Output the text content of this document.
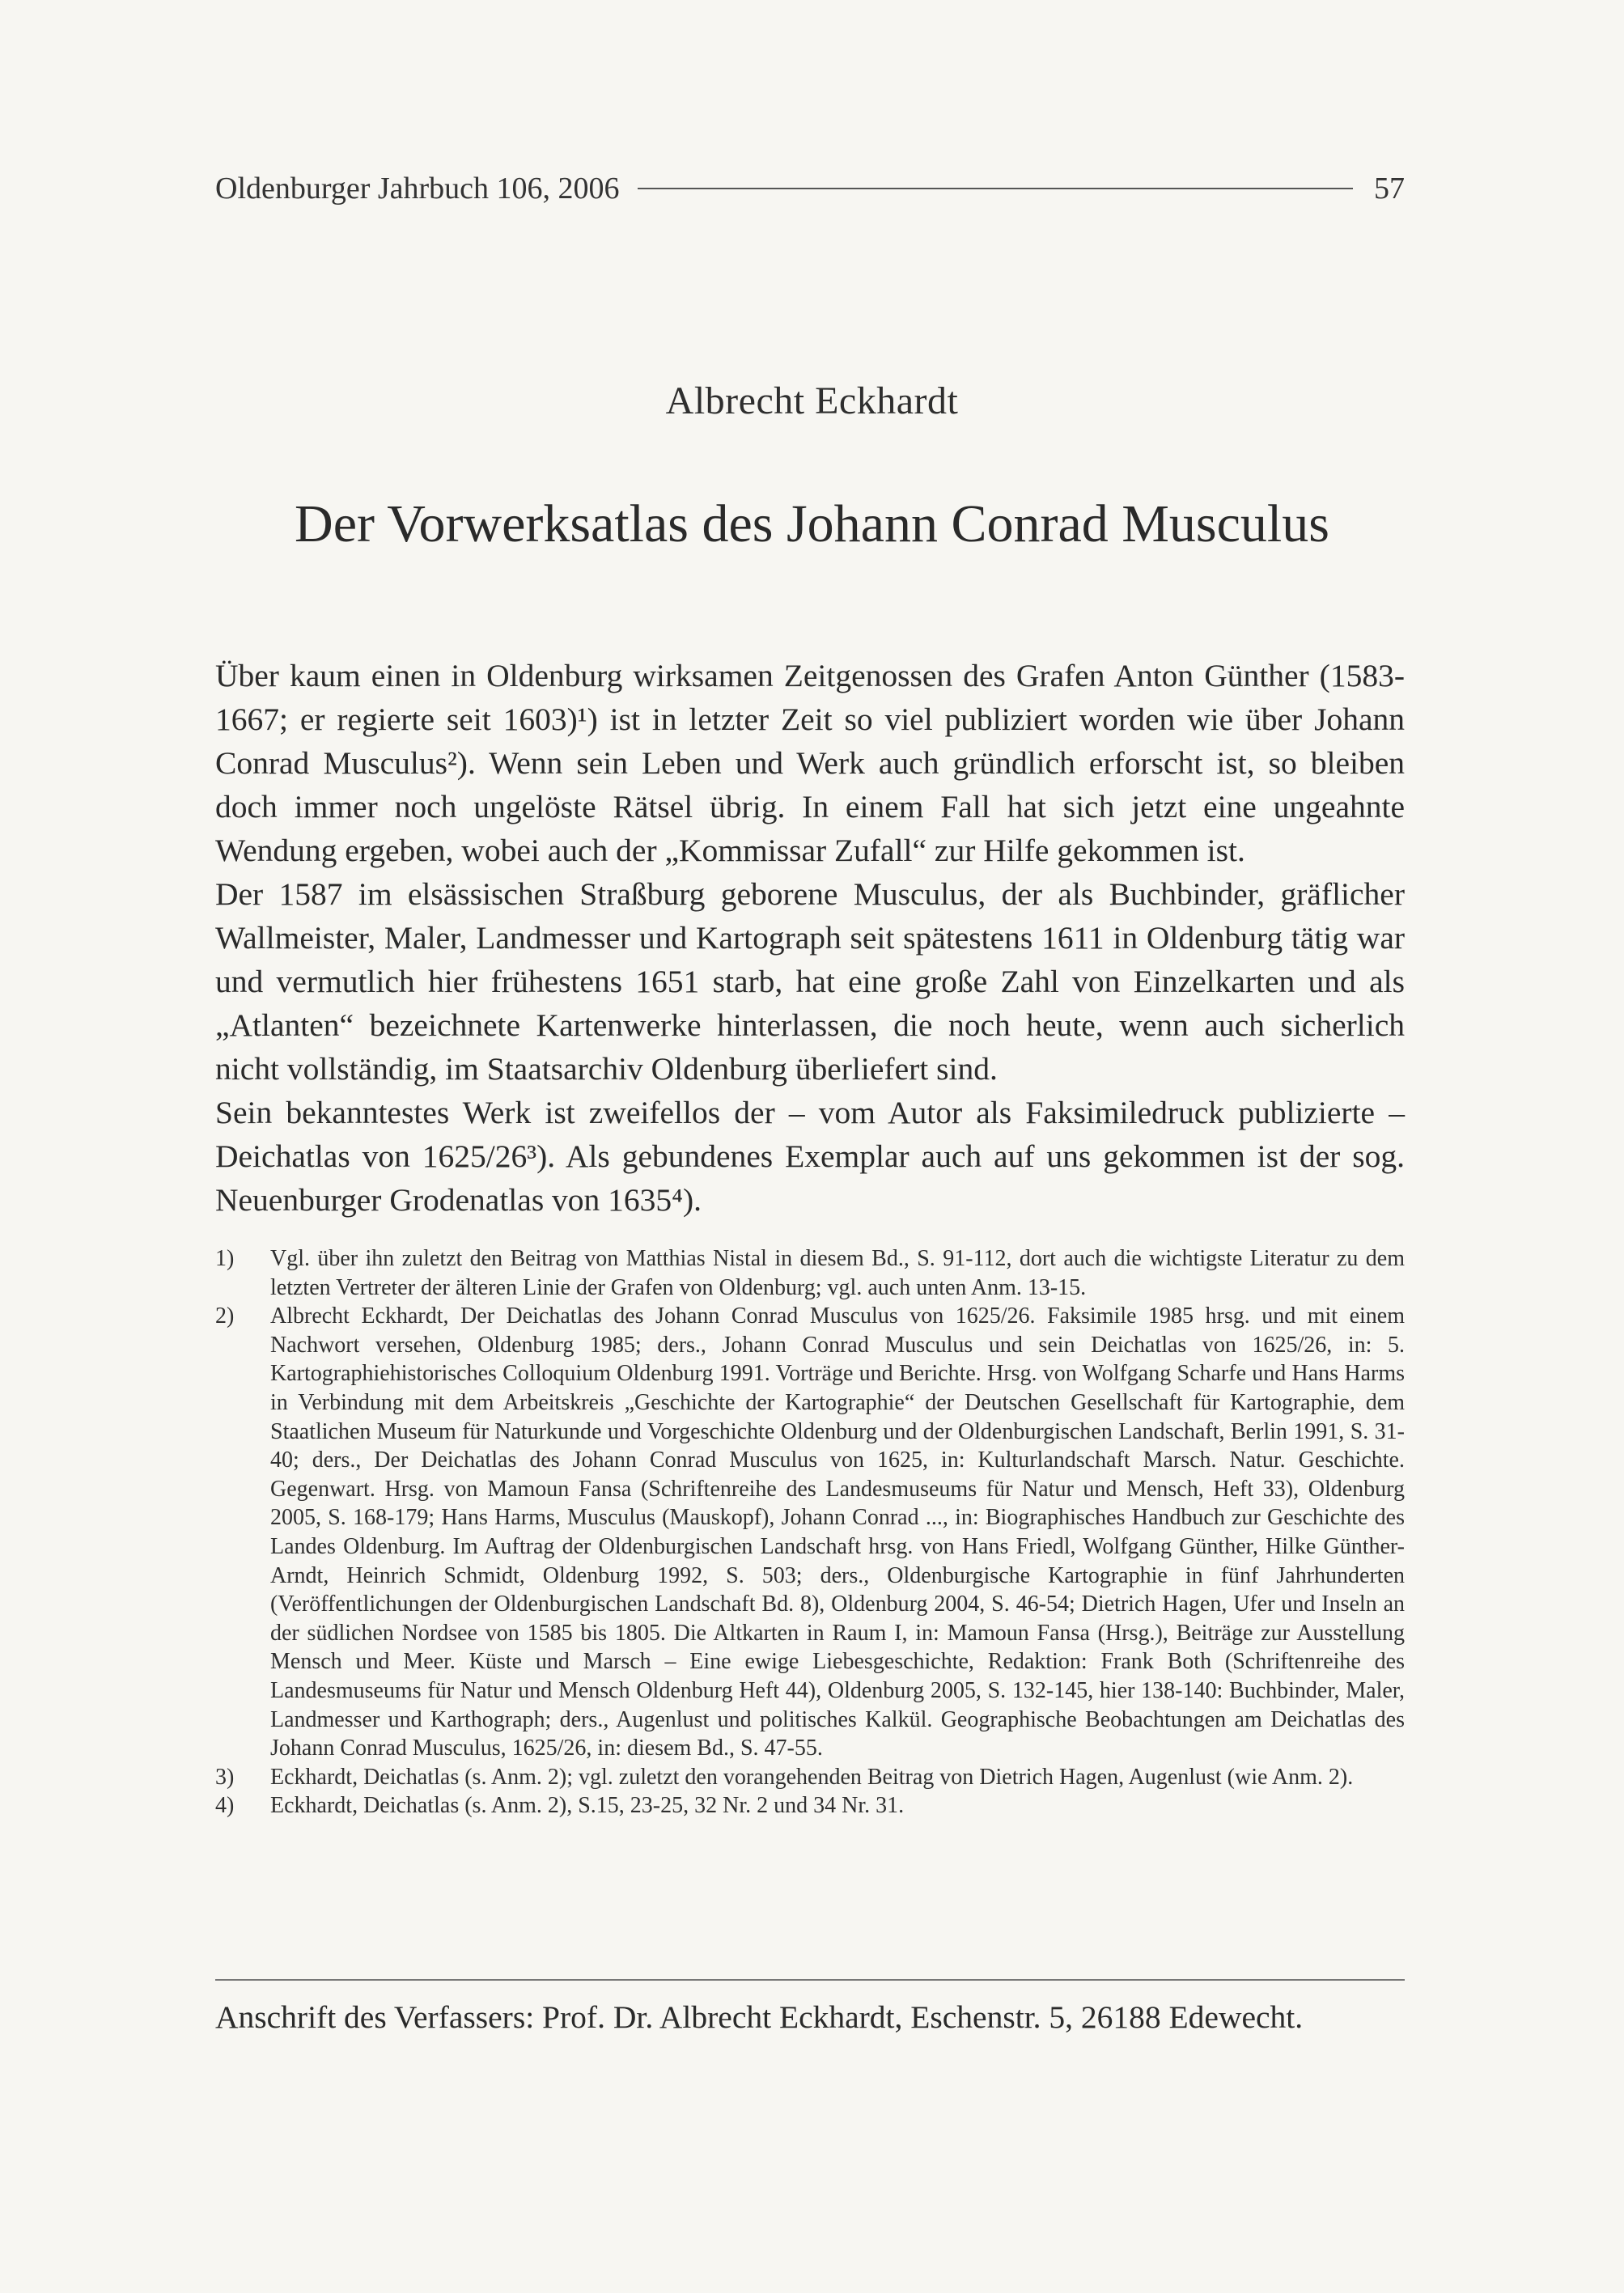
Oldenburger Jahrbuch 106, 2006	57
Albrecht Eckhardt
Der Vorwerksatlas des Johann Conrad Musculus

Über kaum einen in Oldenburg wirksamen Zeitgenossen des Grafen Anton Günther (1583-1667; er regierte seit 1603)¹) ist in letzter Zeit so viel publiziert worden wie über Johann Conrad Musculus²). Wenn sein Leben und Werk auch gründlich erforscht ist, so bleiben doch immer noch ungelöste Rätsel übrig. In einem Fall hat sich jetzt eine ungeahnte Wendung ergeben, wobei auch der „Kommissar Zufall“ zur Hilfe gekommen ist.

Der 1587 im elsässischen Straßburg geborene Musculus, der als Buchbinder, gräflicher Wallmeister, Maler, Landmesser und Kartograph seit spätestens 1611 in Oldenburg tätig war und vermutlich hier frühestens 1651 starb, hat eine große Zahl von Einzelkarten und als „Atlanten“ bezeichnete Kartenwerke hinterlassen, die noch heute, wenn auch sicherlich nicht vollständig, im Staatsarchiv Oldenburg überliefert sind.

Sein bekanntestes Werk ist zweifellos der – vom Autor als Faksimiledruck publizierte – Deichatlas von 1625/26³). Als gebundenes Exemplar auch auf uns gekommen ist der sog. Neuenburger Grodenatlas von 1635⁴).

1)	Vgl. über ihn zuletzt den Beitrag von Matthias Nistal in diesem Bd., S. 91-112, dort auch die wichtigste Literatur zu dem letzten Vertreter der älteren Linie der Grafen von Oldenburg; vgl. auch unten Anm. 13-15.
2)	Albrecht Eckhardt, Der Deichatlas des Johann Conrad Musculus von 1625/26. Faksimile 1985 hrsg. und mit einem Nachwort versehen, Oldenburg 1985; ders., Johann Conrad Musculus und sein Deichatlas von 1625/26, in: 5. Kartographiehistorisches Colloquium Oldenburg 1991. Vorträge und Berichte. Hrsg. von Wolfgang Scharfe und Hans Harms in Verbindung mit dem Arbeitskreis „Geschichte der Kartographie“ der Deutschen Gesellschaft für Kartographie, dem Staatlichen Museum für Naturkunde und Vorgeschichte Oldenburg und der Oldenburgischen Landschaft, Berlin 1991, S. 31-40; ders., Der Deichatlas des Johann Conrad Musculus von 1625, in: Kulturlandschaft Marsch. Natur. Geschichte. Gegenwart. Hrsg. von Mamoun Fansa (Schriftenreihe des Landesmuseums für Natur und Mensch, Heft 33), Oldenburg 2005, S. 168-179; Hans Harms, Musculus (Mauskopf), Johann Conrad ..., in: Biographisches Handbuch zur Geschichte des Landes Oldenburg. Im Auftrag der Oldenburgischen Landschaft hrsg. von Hans Friedl, Wolfgang Günther, Hilke Günther-Arndt, Heinrich Schmidt, Oldenburg 1992, S. 503; ders., Oldenburgische Kartographie in fünf Jahrhunderten (Veröffentlichungen der Oldenburgischen Landschaft Bd. 8), Oldenburg 2004, S. 46-54; Dietrich Hagen, Ufer und Inseln an der südlichen Nordsee von 1585 bis 1805. Die Altkarten in Raum I, in: Mamoun Fansa (Hrsg.), Beiträge zur Ausstellung Mensch und Meer. Küste und Marsch – Eine ewige Liebesgeschichte, Redaktion: Frank Both (Schriftenreihe des Landesmuseums für Natur und Mensch Oldenburg Heft 44), Oldenburg 2005, S. 132-145, hier 138-140: Buchbinder, Maler, Landmesser und Karthograph; ders., Augenlust und politisches Kalkül. Geographische Beobachtungen am Deichatlas des Johann Conrad Musculus, 1625/26, in: diesem Bd., S. 47-55.
3)	Eckhardt, Deichatlas (s. Anm. 2); vgl. zuletzt den vorangehenden Beitrag von Dietrich Hagen, Augenlust (wie Anm. 2).
4)	Eckhardt, Deichatlas (s. Anm. 2), S.15, 23-25, 32 Nr. 2 und 34 Nr. 31.
Anschrift des Verfassers: Prof. Dr. Albrecht Eckhardt, Eschenstr. 5, 26188 Edewecht.
